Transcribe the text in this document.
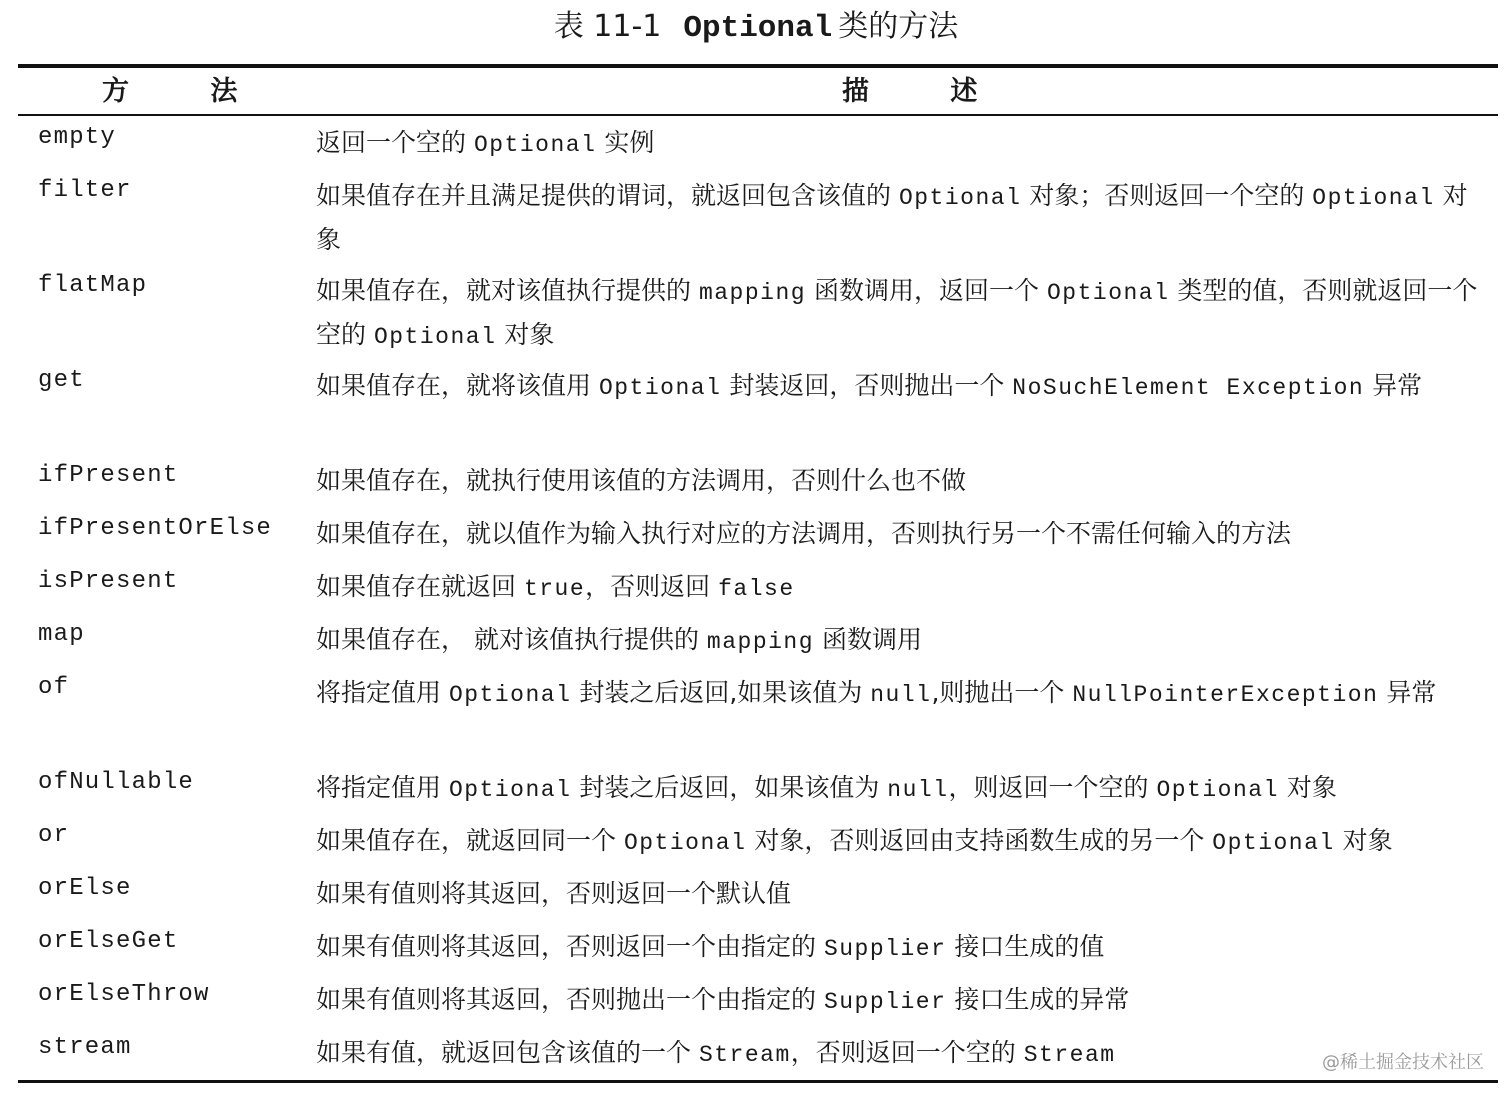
表 11-1 Optional 类的方法
方 法	描 述
empty	返回一个空的 Optional 实例
filter	如果值存在并且满足提供的谓词，就返回包含该值的 Optional 对象；否则返回一个空的 Optional 对象
flatMap	如果值存在，就对该值执行提供的 mapping 函数调用，返回一个 Optional 类型的值，否则就返回一个空的 Optional 对象
get	如果值存在，就将该值用 Optional 封装返回，否则抛出一个 NoSuchElement Exception 异常
ifPresent	如果值存在，就执行使用该值的方法调用，否则什么也不做
ifPresentOrElse 如果值存在，就以值作为输入执行对应的方法调用，否则执行另一个不需任何输入的方法
isPresent	如果值存在就返回 true，否则返回 false
map	如果值存在， 就对该值执行提供的 mapping 函数调用
of	将指定值用 Optional 封装之后返回,如果该值为 null,则抛出一个 NullPointerException 异常
ofNullable	将指定值用 Optional 封装之后返回，如果该值为 null，则返回一个空的 Optional 对象
or	如果值存在，就返回同一个 Optional 对象，否则返回由支持函数生成的另一个 Optional 对象
orElse	如果有值则将其返回，否则返回一个默认值
orElseGet	如果有值则将其返回，否则返回一个由指定的 Supplier 接口生成的值
orElseThrow	如果有值则将其返回，否则抛出一个由指定的 Supplier 接口生成的异常
stream	如果有值，就返回包含该值的一个 Stream，否则返回一个空的 Stream	@稀土掘金技术社区
